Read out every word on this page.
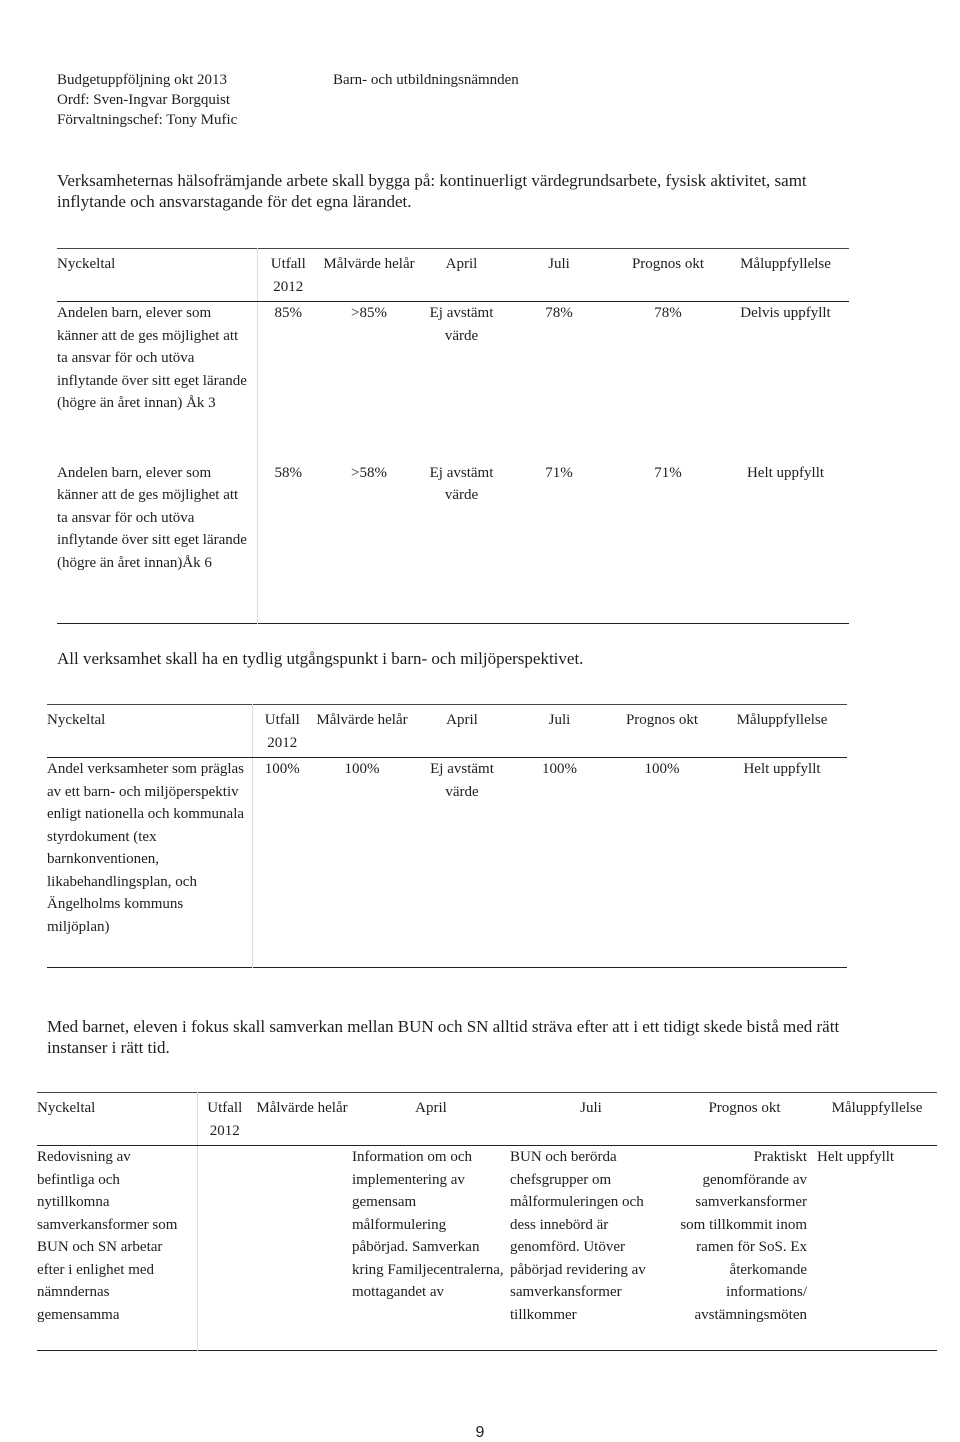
Budgetuppföljning okt 2013
Ordf: Sven-Ingvar Borgquist
Förvaltningschef: Tony Mufic
Barn- och utbildningsnämnden
Verksamheternas hälsofrämjande arbete skall bygga på: kontinuerligt värdegrundsarbete, fysisk aktivitet, samt inflytande och ansvarstagande för det egna lärandet.
Nyckeltal	Utfall 2012	Målvärde helår	April	Juli	Prognos okt	Måluppfyllelse
Andelen barn, elever som känner att de ges möjlighet att ta ansvar för och utöva inflytande över sitt eget lärande (högre än året innan) Åk 3	85%	>85%	Ej avstämt värde	78%	78%	Delvis uppfyllt
Andelen barn, elever som känner att de ges möjlighet att ta ansvar för och utöva inflytande över sitt eget lärande (högre än året innan)Åk 6	58%	>58%	Ej avstämt värde	71%	71%	Helt uppfyllt
All verksamhet skall ha en tydlig utgångspunkt i barn- och miljöperspektivet.
Nyckeltal	Utfall 2012	Målvärde helår	April	Juli	Prognos okt	Måluppfyllelse
Andel verksamheter som präglas av ett barn- och miljöperspektiv enligt nationella och kommunala styrdokument (tex barnkonventionen, likabehandlingsplan, och Ängelholms kommuns miljöplan)	100%	100%	Ej avstämt värde	100%	100%	Helt uppfyllt
Med barnet, eleven i fokus skall samverkan mellan BUN och SN alltid sträva efter att i ett tidigt skede bistå med rätt instanser i rätt tid.
Nyckeltal	Utfall 2012	Målvärde helår	April	Juli	Prognos okt	Måluppfyllelse
Redovisning av befintliga och nytillkomna samverkansformer som BUN och SN arbetar efter i enlighet med nämndernas gemensamma			Information om och implementering av gemensam målformulering påbörjad. Samverkan kring Familjecentralerna, mottagandet av	BUN och berörda chefsgrupper om målformuleringen och dess innebörd är genomförd. Utöver påbörjad revidering av samverkansformer tillkommer	Praktiskt genomförande av samverkansformer som tillkommit inom ramen för SoS. Ex återkomande informations/ avstämningsmöten	Helt uppfyllt
9
